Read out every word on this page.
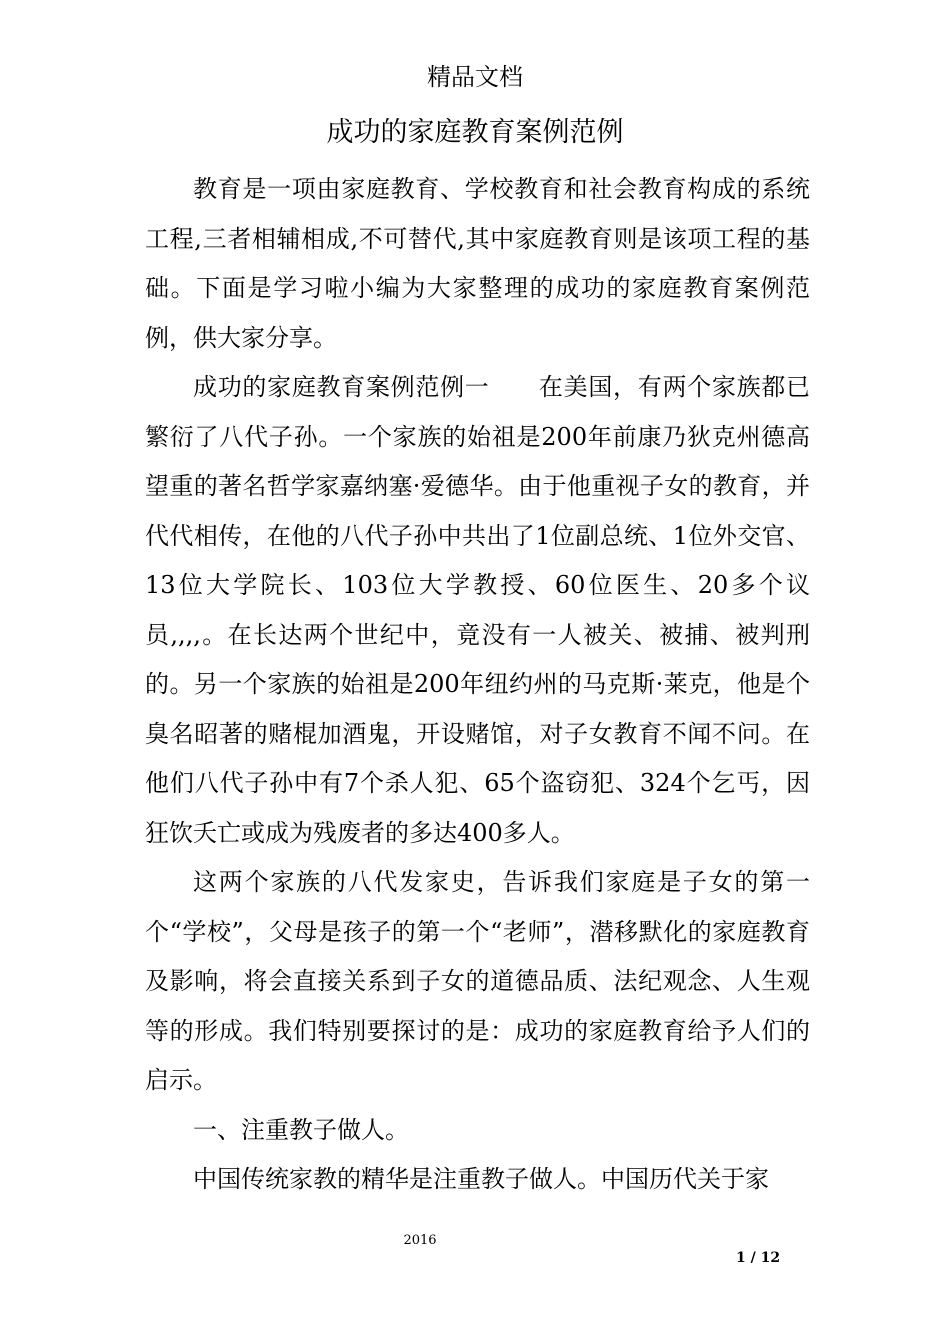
精品文档
成功的家庭教育案例范例

教育是一项由家庭教育、学校教育和社会教育构成的系统工程,三者相辅相成,不可替代,其中家庭教育则是该项工程的基础。下面是学习啦小编为大家整理的成功的家庭教育案例范例，供大家分享。

成功的家庭教育案例范例一　　在美国，有两个家族都已繁衍了八代子孙。一个家族的始祖是200年前康乃狄克州德高望重的著名哲学家嘉纳塞·爱德华。由于他重视子女的教育，并代代相传，在他的八代子孙中共出了1位副总统、1位外交官、13位大学院长、103位大学教授、60位医生、20多个议员,,,,。在长达两个世纪中，竟没有一人被关、被捕、被判刑的。另一个家族的始祖是200年纽约州的马克斯·莱克，他是个臭名昭著的赌棍加酒鬼，开设赌馆，对子女教育不闻不问。在他们八代子孙中有7个杀人犯、65个盗窃犯、324个乞丐，因狂饮夭亡或成为残废者的多达400多人。

这两个家族的八代发家史，告诉我们家庭是子女的第一个“学校”，父母是孩子的第一个“老师”，潜移默化的家庭教育及影响，将会直接关系到子女的道德品质、法纪观念、人生观等的形成。我们特别要探讨的是：成功的家庭教育给予人们的启示。

一、注重教子做人。

中国传统家教的精华是注重教子做人。中国历代关于家

2016
1 / 12
